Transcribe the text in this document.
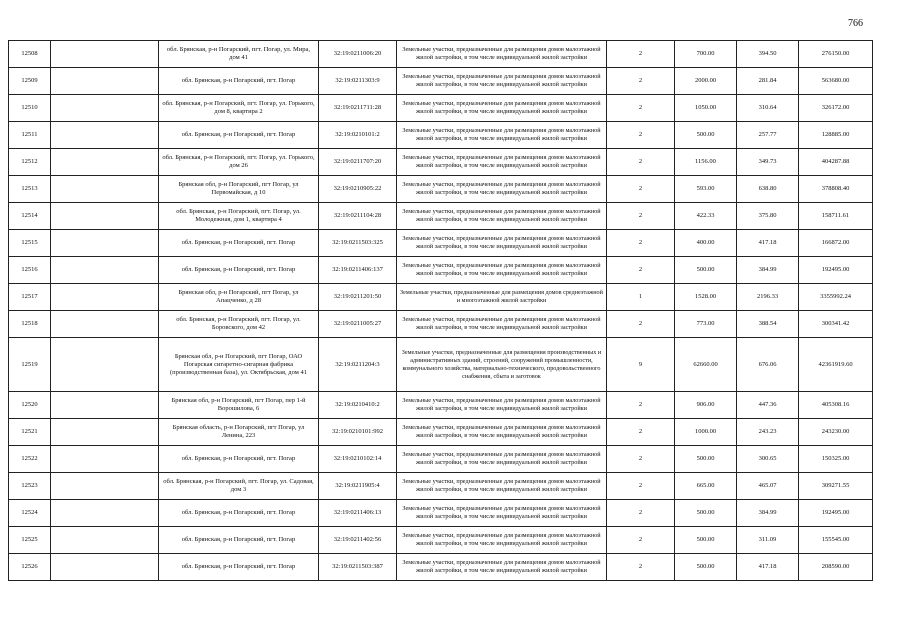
766
12508		обл. Брянская, р-н Погарский, пгт. Погар, ул. Мира, дом 41	32:19:0211006:20	Земельные участки, предназначенные для размещения домов малоэтажной жилой застройки, в том числе индивидуальной жилой застройки	2	700.00	394.50	276150.00
12509		обл. Брянская, р-н Погарский, пгт. Погар	32:19:0211303:9	Земельные участки, предназначенные для размещения домов малоэтажной жилой застройки, в том числе индивидуальной жилой застройки	2	2000.00	281.84	563680.00
12510		обл. Брянская, р-н Погарский, пгт. Погар, ул. Горького, дом 8, квартира 2	32:19:0211711:28	Земельные участки, предназначенные для размещения домов малоэтажной жилой застройки, в том числе индивидуальной жилой застройки	2	1050.00	310.64	326172.00
12511		обл. Брянская, р-н Погарский, пгт. Погар	32:19:0210101:2	Земельные участки, предназначенные для размещения домов малоэтажной жилой застройки, в том числе индивидуальной жилой застройки	2	500.00	257.77	128885.00
12512		обл. Брянская, р-н Погарский, пгт. Погар, ул. Горького, дом 26	32:19:0211707:20	Земельные участки, предназначенные для размещения домов малоэтажной жилой застройки, в том числе индивидуальной жилой застройки	2	1156.00	349.73	404287.88
12513		Брянская обл, р-н Погарский, пгт Погар, ул Первомайская, д 10	32:19:0210905:22	Земельные участки, предназначенные для размещения домов малоэтажной жилой застройки, в том числе индивидуальной жилой застройки	2	593.00	638.80	378808.40
12514		обл. Брянская, р-н Погарский, пгт. Погар, ул. Молодежная, дом 1, квартира 4	32:19:0211104:28	Земельные участки, предназначенные для размещения домов малоэтажной жилой застройки, в том числе индивидуальной жилой застройки	2	422.33	375.80	158711.61
12515		обл. Брянская, р-н Погарский, пгт. Погар	32:19:0211503:325	Земельные участки, предназначенные для размещения домов малоэтажной жилой застройки, в том числе индивидуальной жилой застройки	2	400.00	417.18	166872.00
12516		обл. Брянская, р-н Погарский, пгт. Погар	32:19:0211406:137	Земельные участки, предназначенные для размещения домов малоэтажной жилой застройки, в том числе индивидуальной жилой застройки	2	500.00	384.99	192495.00
12517		Брянская обл, р-н Погарский, пгт Погар, ул Апацченко, д 28	32:19:0211201:50	Земельные участки, предназначенные для размещения домов среднеэтажной и многоэтажной жилой застройки	1	1528.00	2196.33	3355992.24
12518		обл. Брянская, р-н Погарский, пгт. Погар, ул. Боровского, дом 42	32:19:0211005:27	Земельные участки, предназначенные для размещения домов малоэтажной жилой застройки, в том числе индивидуальной жилой застройки	2	773.00	388.54	300341.42
12519		Брянская обл, р-н Погарский, пгт Погар, ОАО Погарская сигаретно-сигарная фабрика (производственная база), ул. Октябрьская, дом 41	32:19:0211204:3	Земельные участки, предназначенные для размещения производственных и административных зданий, строений, сооружений промышленности, коммунального хозяйства, материально-технического, продовольственного снабжения, сбыта и заготовок	9	62660.00	676.06	42361919.60
12520		Брянская обл, р-н Погарский, пгт Погар, пер 1-й Ворошилова, 6	32:19:0210410:2	Земельные участки, предназначенные для размещения домов малоэтажной жилой застройки, в том числе индивидуальной жилой застройки	2	906.00	447.36	405308.16
12521		Брянская область, р-н Погарский, пгт Погар, ул Ленина, 223	32:19:0210101:992	Земельные участки, предназначенные для размещения домов малоэтажной жилой застройки, в том числе индивидуальной жилой застройки	2	1000.00	243.23	243230.00
12522		обл. Брянская, р-н Погарский, пгт. Погар	32:19:0210102:14	Земельные участки, предназначенные для размещения домов малоэтажной жилой застройки, в том числе индивидуальной жилой застройки	2	500.00	300.65	150325.00
12523		обл. Брянская, р-н Погарский, пгт. Погар, ул. Садовая, дом 3	32:19:0211905:4	Земельные участки, предназначенные для размещения домов малоэтажной жилой застройки, в том числе индивидуальной жилой застройки	2	665.00	465.07	309271.55
12524		обл. Брянская, р-н Погарский, пгт. Погар	32:19:0211406:13	Земельные участки, предназначенные для размещения домов малоэтажной жилой застройки, в том числе индивидуальной жилой застройки	2	500.00	384.99	192495.00
12525		обл. Брянская, р-н Погарский, пгт. Погар	32:19:0211402:56	Земельные участки, предназначенные для размещения домов малоэтажной жилой застройки, в том числе индивидуальной жилой застройки	2	500.00	311.09	155545.00
12526		обл. Брянская, р-н Погарский, пгт. Погар	32:19:0211503:387	Земельные участки, предназначенные для размещения домов малоэтажной жилой застройки, в том числе индивидуальной жилой застройки	2	500.00	417.18	208590.00
